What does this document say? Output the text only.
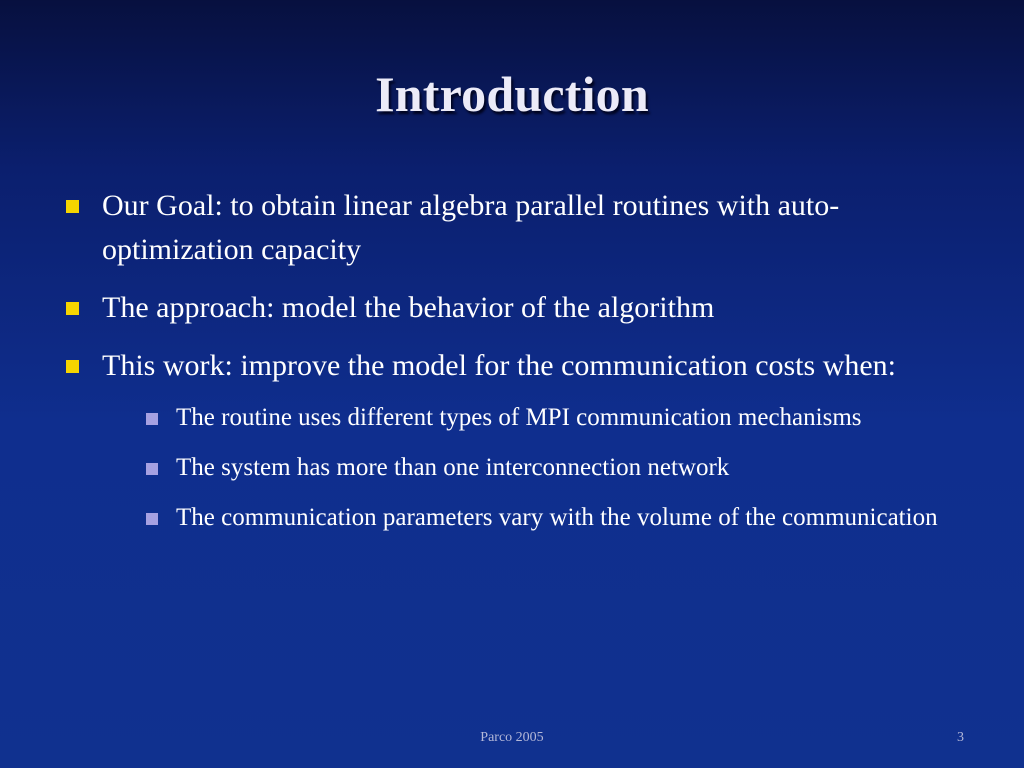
Introduction
Our Goal: to obtain linear algebra parallel routines with auto-optimization capacity
The approach: model the behavior of the algorithm
This work: improve the model for the communication costs when:
The routine uses different types of MPI communication mechanisms
The system has more than one interconnection network
The communication parameters vary with the volume of the communication
Parco 2005	3
